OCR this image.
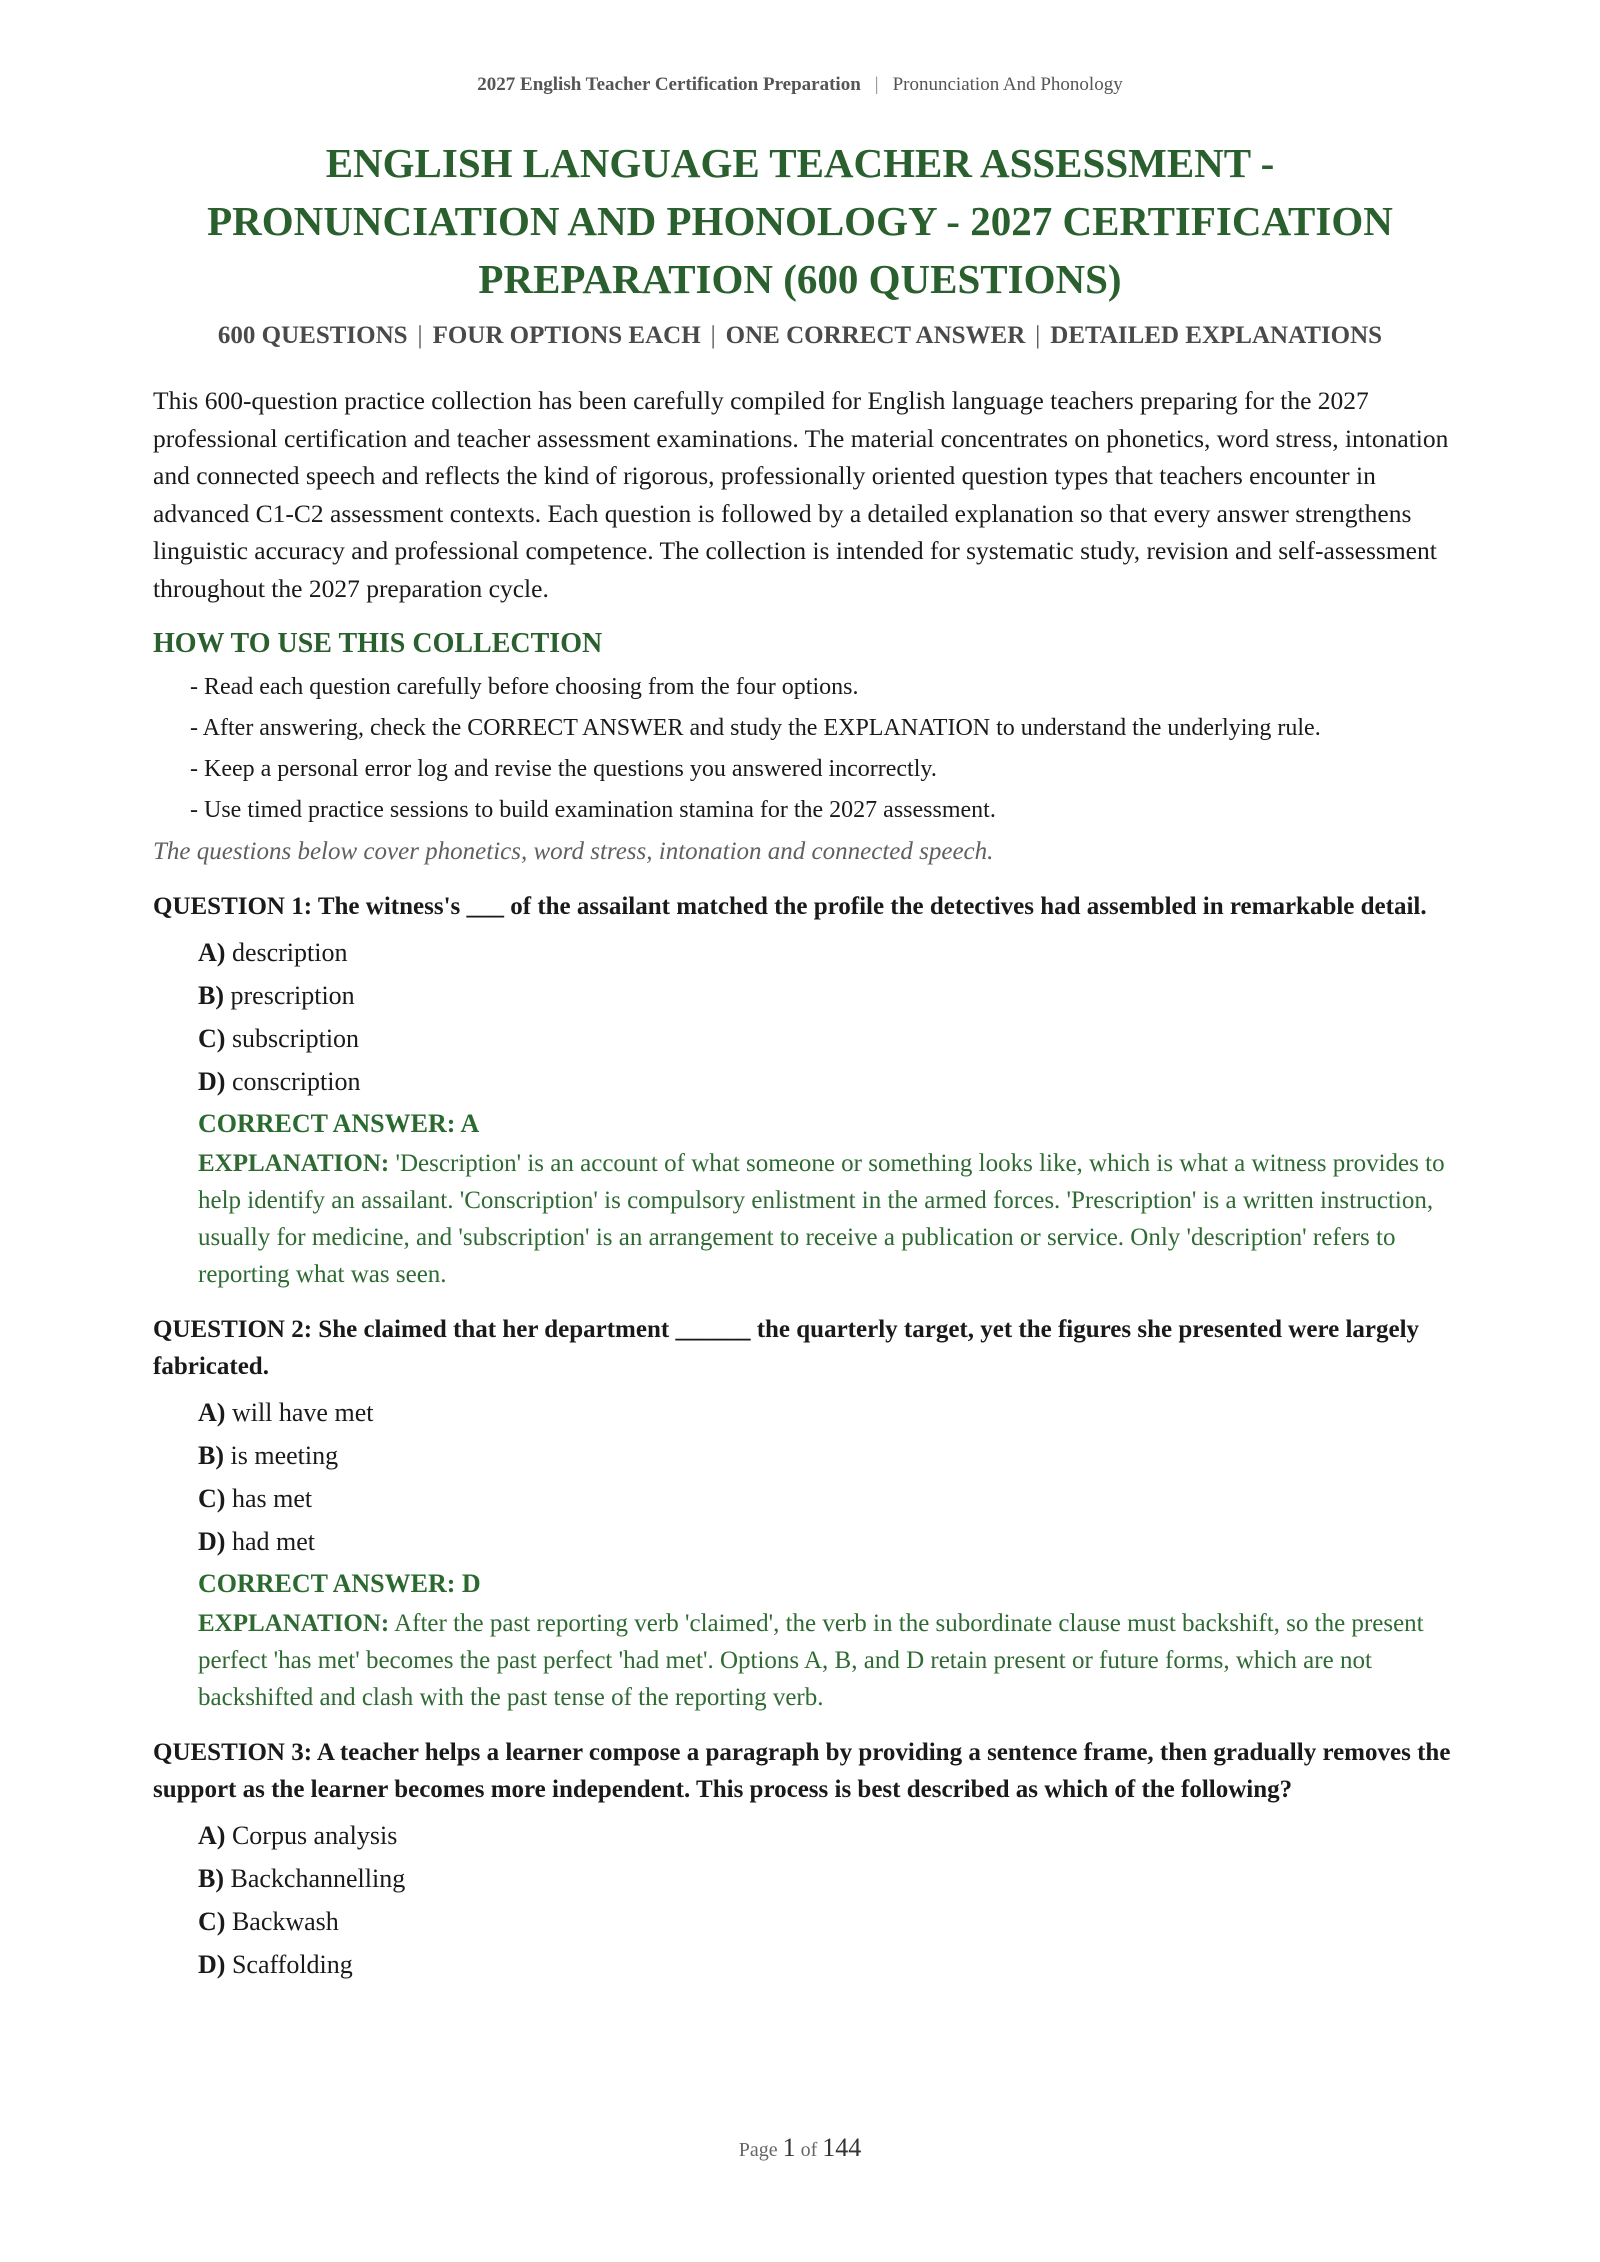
2027 English Teacher Certification Preparation | Pronunciation And Phonology
ENGLISH LANGUAGE TEACHER ASSESSMENT - PRONUNCIATION AND PHONOLOGY - 2027 CERTIFICATION PREPARATION (600 QUESTIONS)
600 QUESTIONS | FOUR OPTIONS EACH | ONE CORRECT ANSWER | DETAILED EXPLANATIONS

This 600-question practice collection has been carefully compiled for English language teachers preparing for the 2027 professional certification and teacher assessment examinations. The material concentrates on phonetics, word stress, intonation and connected speech and reflects the kind of rigorous, professionally oriented question types that teachers encounter in advanced C1-C2 assessment contexts. Each question is followed by a detailed explanation so that every answer strengthens linguistic accuracy and professional competence. The collection is intended for systematic study, revision and self-assessment throughout the 2027 preparation cycle.

HOW TO USE THIS COLLECTION
- Read each question carefully before choosing from the four options.
- After answering, check the CORRECT ANSWER and study the EXPLANATION to understand the underlying rule.
- Keep a personal error log and revise the questions you answered incorrectly.
- Use timed practice sessions to build examination stamina for the 2027 assessment.

The questions below cover phonetics, word stress, intonation and connected speech.

QUESTION 1: The witness's ___ of the assailant matched the profile the detectives had assembled in remarkable detail.

A) description
B) prescription
C) subscription
D) conscription
CORRECT ANSWER: A
EXPLANATION: 'Description' is an account of what someone or something looks like, which is what a witness provides to help identify an assailant. 'Conscription' is compulsory enlistment in the armed forces. 'Prescription' is a written instruction, usually for medicine, and 'subscription' is an arrangement to receive a publication or service. Only 'description' refers to reporting what was seen.

QUESTION 2: She claimed that her department ______ the quarterly target, yet the figures she presented were largely fabricated.

A) will have met
B) is meeting
C) has met
D) had met
CORRECT ANSWER: D
EXPLANATION: After the past reporting verb 'claimed', the verb in the subordinate clause must backshift, so the present perfect 'has met' becomes the past perfect 'had met'. Options A, B, and D retain present or future forms, which are not backshifted and clash with the past tense of the reporting verb.

QUESTION 3: A teacher helps a learner compose a paragraph by providing a sentence frame, then gradually removes the support as the learner becomes more independent. This process is best described as which of the following?

A) Corpus analysis
B) Backchannelling
C) Backwash
D) Scaffolding
Page 1 of 144
